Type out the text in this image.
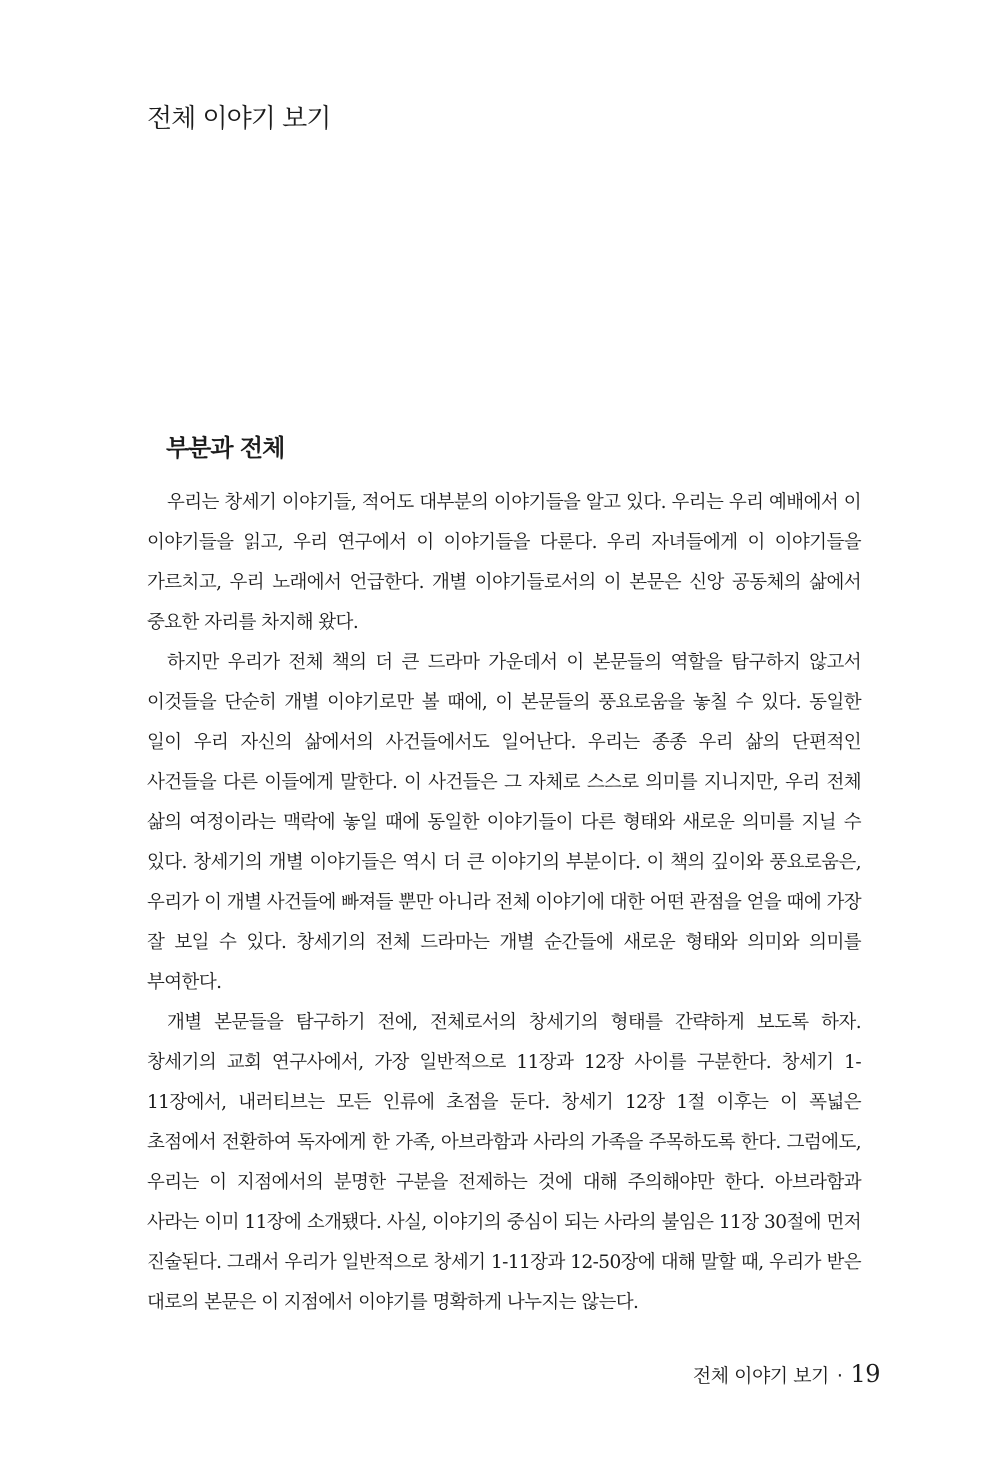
전체 이야기 보기
부분과 전체

우리는 창세기 이야기들, 적어도 대부분의 이야기들을 알고 있다. 우리는 우리 예배에서 이 이야기들을 읽고, 우리 연구에서 이 이야기들을 다룬다. 우리 자녀들에게 이 이야기들을 가르치고, 우리 노래에서 언급한다. 개별 이야기들로서의 이 본문은 신앙 공동체의 삶에서 중요한 자리를 차지해 왔다.

하지만 우리가 전체 책의 더 큰 드라마 가운데서 이 본문들의 역할을 탐구하지 않고서 이것들을 단순히 개별 이야기로만 볼 때에, 이 본문들의 풍요로움을 놓칠 수 있다. 동일한 일이 우리 자신의 삶에서의 사건들에서도 일어난다. 우리는 종종 우리 삶의 단편적인 사건들을 다른 이들에게 말한다. 이 사건들은 그 자체로 스스로 의미를 지니지만, 우리 전체 삶의 여정이라는 맥락에 놓일 때에 동일한 이야기들이 다른 형태와 새로운 의미를 지닐 수 있다. 창세기의 개별 이야기들은 역시 더 큰 이야기의 부분이다. 이 책의 깊이와 풍요로움은, 우리가 이 개별 사건들에 빠져들 뿐만 아니라 전체 이야기에 대한 어떤 관점을 얻을 때에 가장 잘 보일 수 있다. 창세기의 전체 드라마는 개별 순간들에 새로운 형태와 의미와 의미를 부여한다.

개별 본문들을 탐구하기 전에, 전체로서의 창세기의 형태를 간략하게 보도록 하자. 창세기의 교회 연구사에서, 가장 일반적으로 11장과 12장 사이를 구분한다. 창세기 1-11장에서, 내러티브는 모든 인류에 초점을 둔다. 창세기 12장 1절 이후는 이 폭넓은 초점에서 전환하여 독자에게 한 가족, 아브라함과 사라의 가족을 주목하도록 한다. 그럼에도, 우리는 이 지점에서의 분명한 구분을 전제하는 것에 대해 주의해야만 한다. 아브라함과 사라는 이미 11장에 소개됐다. 사실, 이야기의 중심이 되는 사라의 불임은 11장 30절에 먼저 진술된다. 그래서 우리가 일반적으로 창세기 1-11장과 12-50장에 대해 말할 때, 우리가 받은 대로의 본문은 이 지점에서 이야기를 명확하게 나누지는 않는다.

전체 이야기 보기 · 19
